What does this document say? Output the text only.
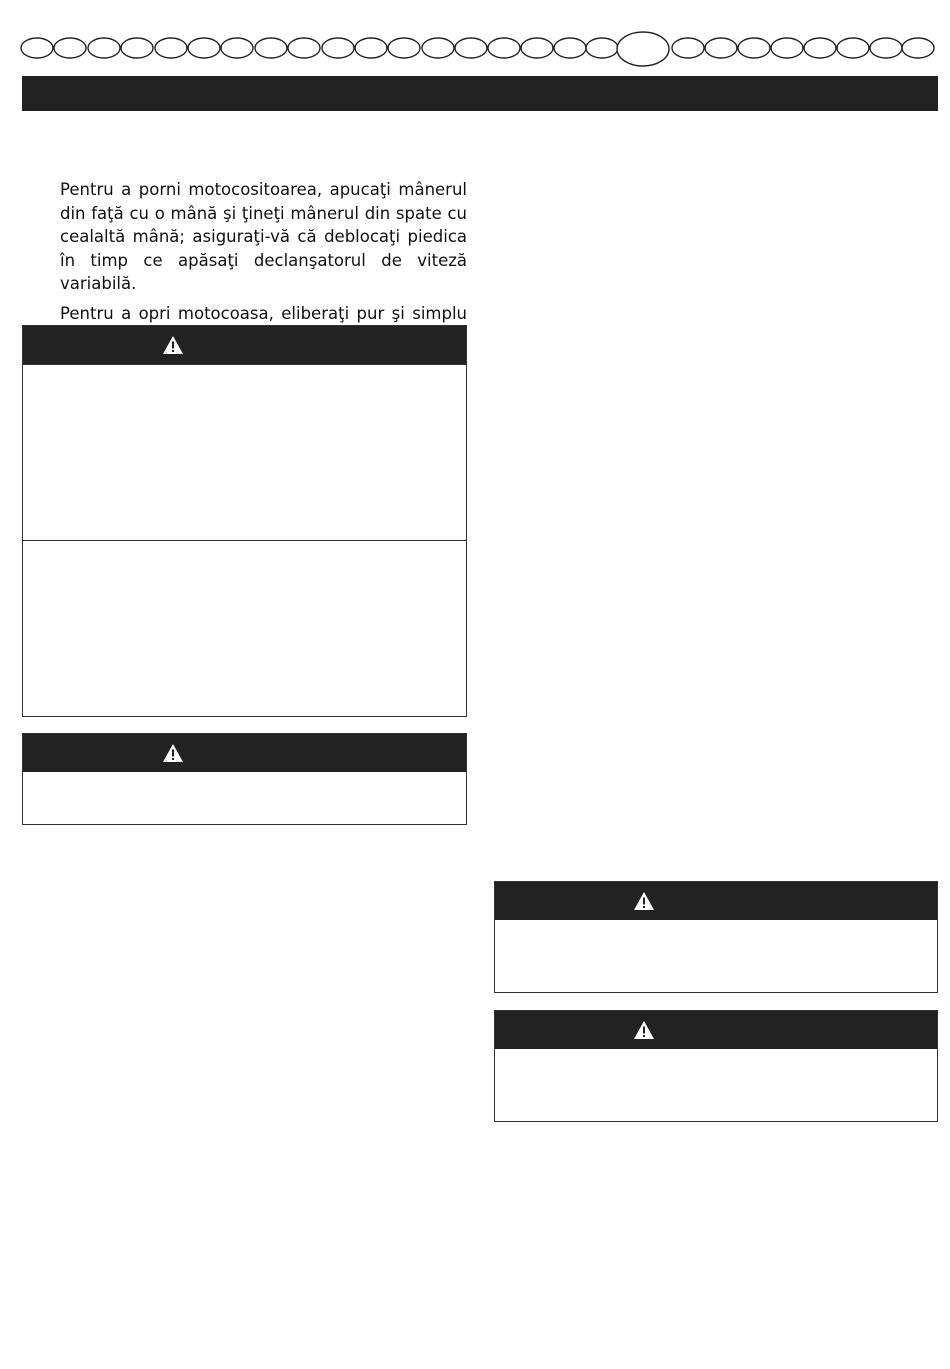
Pentru a porni motocositoarea, apucaţi mânerul din faţă cu o mână şi ţineţi mânerul din spate cu cealaltă mână; asiguraţi-vă că deblocaţi piedica în timp ce apăsaţi declanşatorul de viteză variabilă.

Pentru a opri motocoasa, eliberaţi pur şi simplu
